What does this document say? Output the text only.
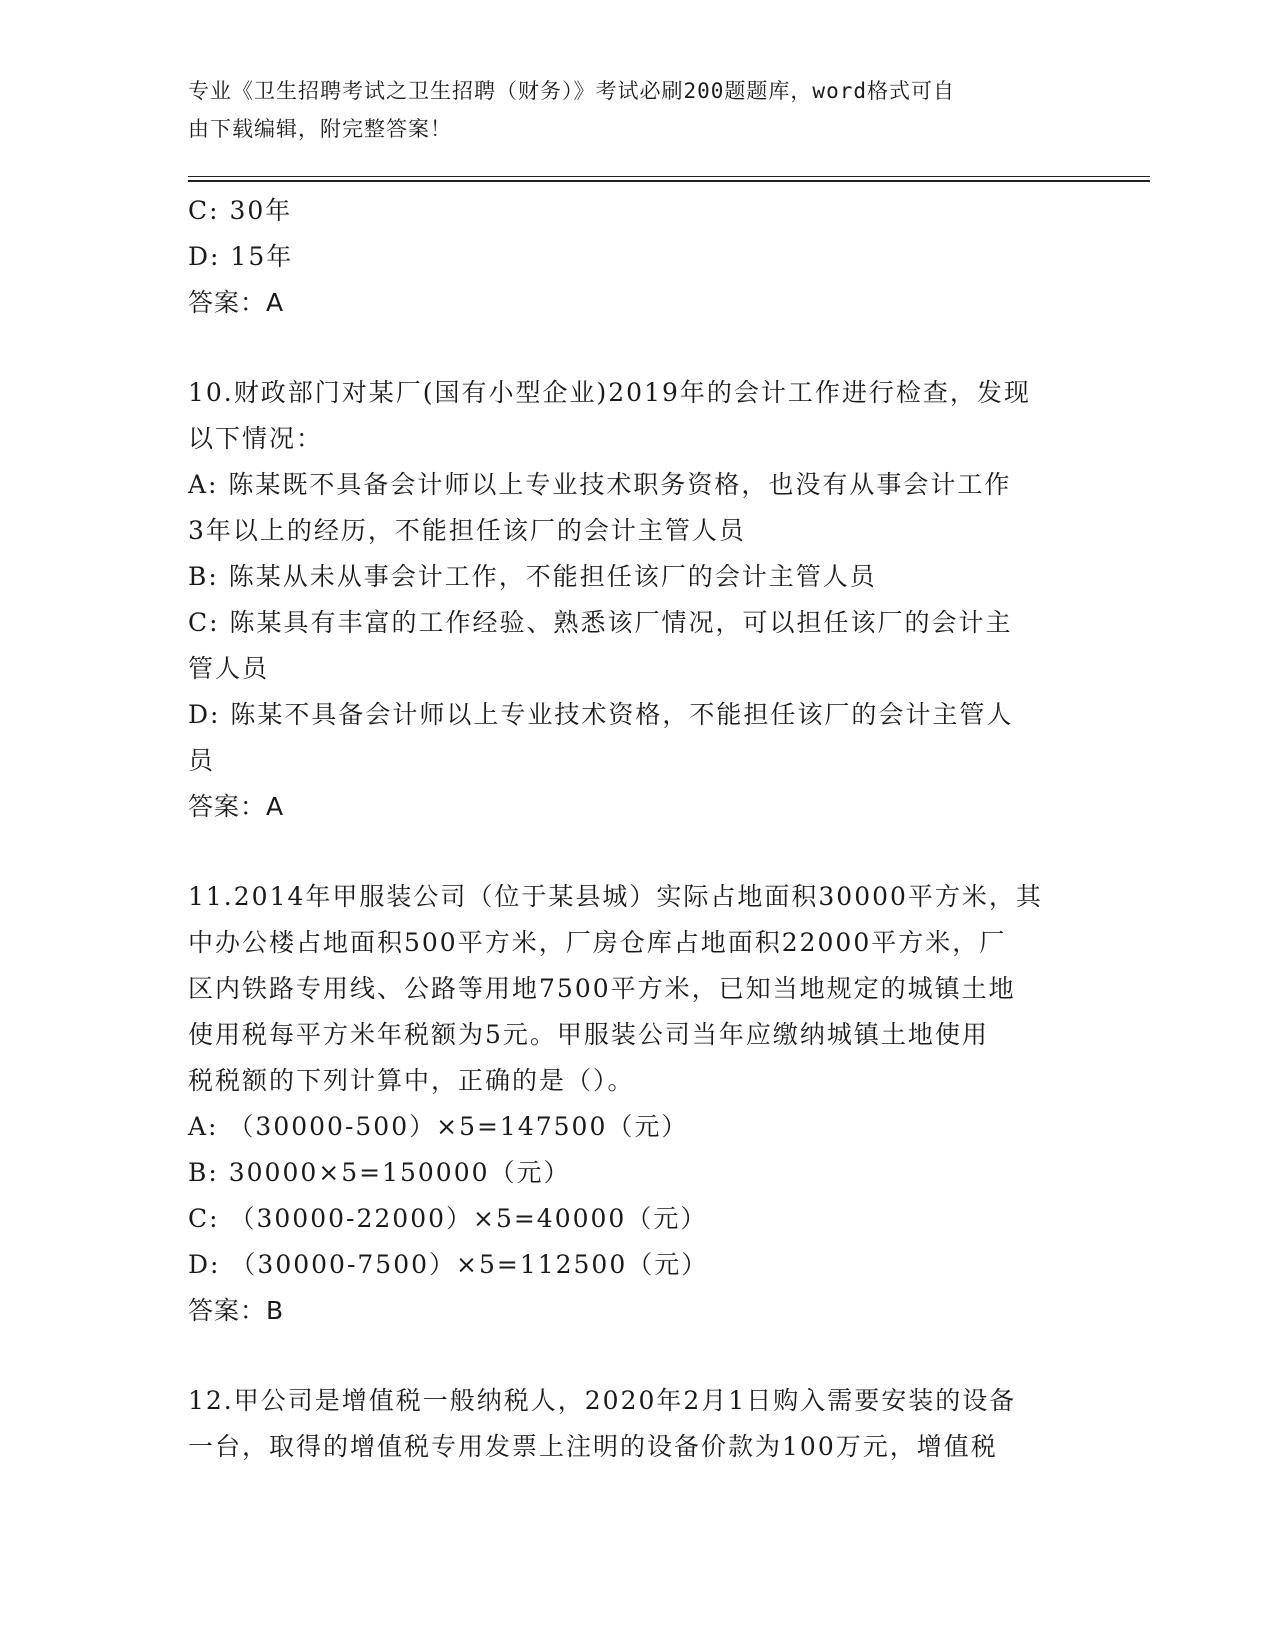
专业《卫生招聘考试之卫生招聘（财务）》考试必刷200题题库，word格式可自
由下载编辑，附完整答案！
C: 30年
D: 15年
答案：A
10.财政部门对某厂(国有小型企业)2019年的会计工作进行检查，发现
以下情况：
A: 陈某既不具备会计师以上专业技术职务资格，也没有从事会计工作
3年以上的经历，不能担任该厂的会计主管人员
B: 陈某从未从事会计工作，不能担任该厂的会计主管人员
C: 陈某具有丰富的工作经验、熟悉该厂情况，可以担任该厂的会计主
管人员
D: 陈某不具备会计师以上专业技术资格，不能担任该厂的会计主管人
员
答案：A
11.2014年甲服装公司（位于某县城）实际占地面积30000平方米，其
中办公楼占地面积500平方米，厂房仓库占地面积22000平方米，厂
区内铁路专用线、公路等用地7500平方米，已知当地规定的城镇土地
使用税每平方米年税额为5元。甲服装公司当年应缴纳城镇土地使用
税税额的下列计算中，正确的是（）。
A: （30000-500）×5=147500（元）
B: 30000×5=150000（元）
C: （30000-22000）×5=40000（元）
D: （30000-7500）×5=112500（元）
答案：B
12.甲公司是增值税一般纳税人，2020年2月1日购入需要安装的设备
一台，取得的增值税专用发票上注明的设备价款为100万元，增值税
